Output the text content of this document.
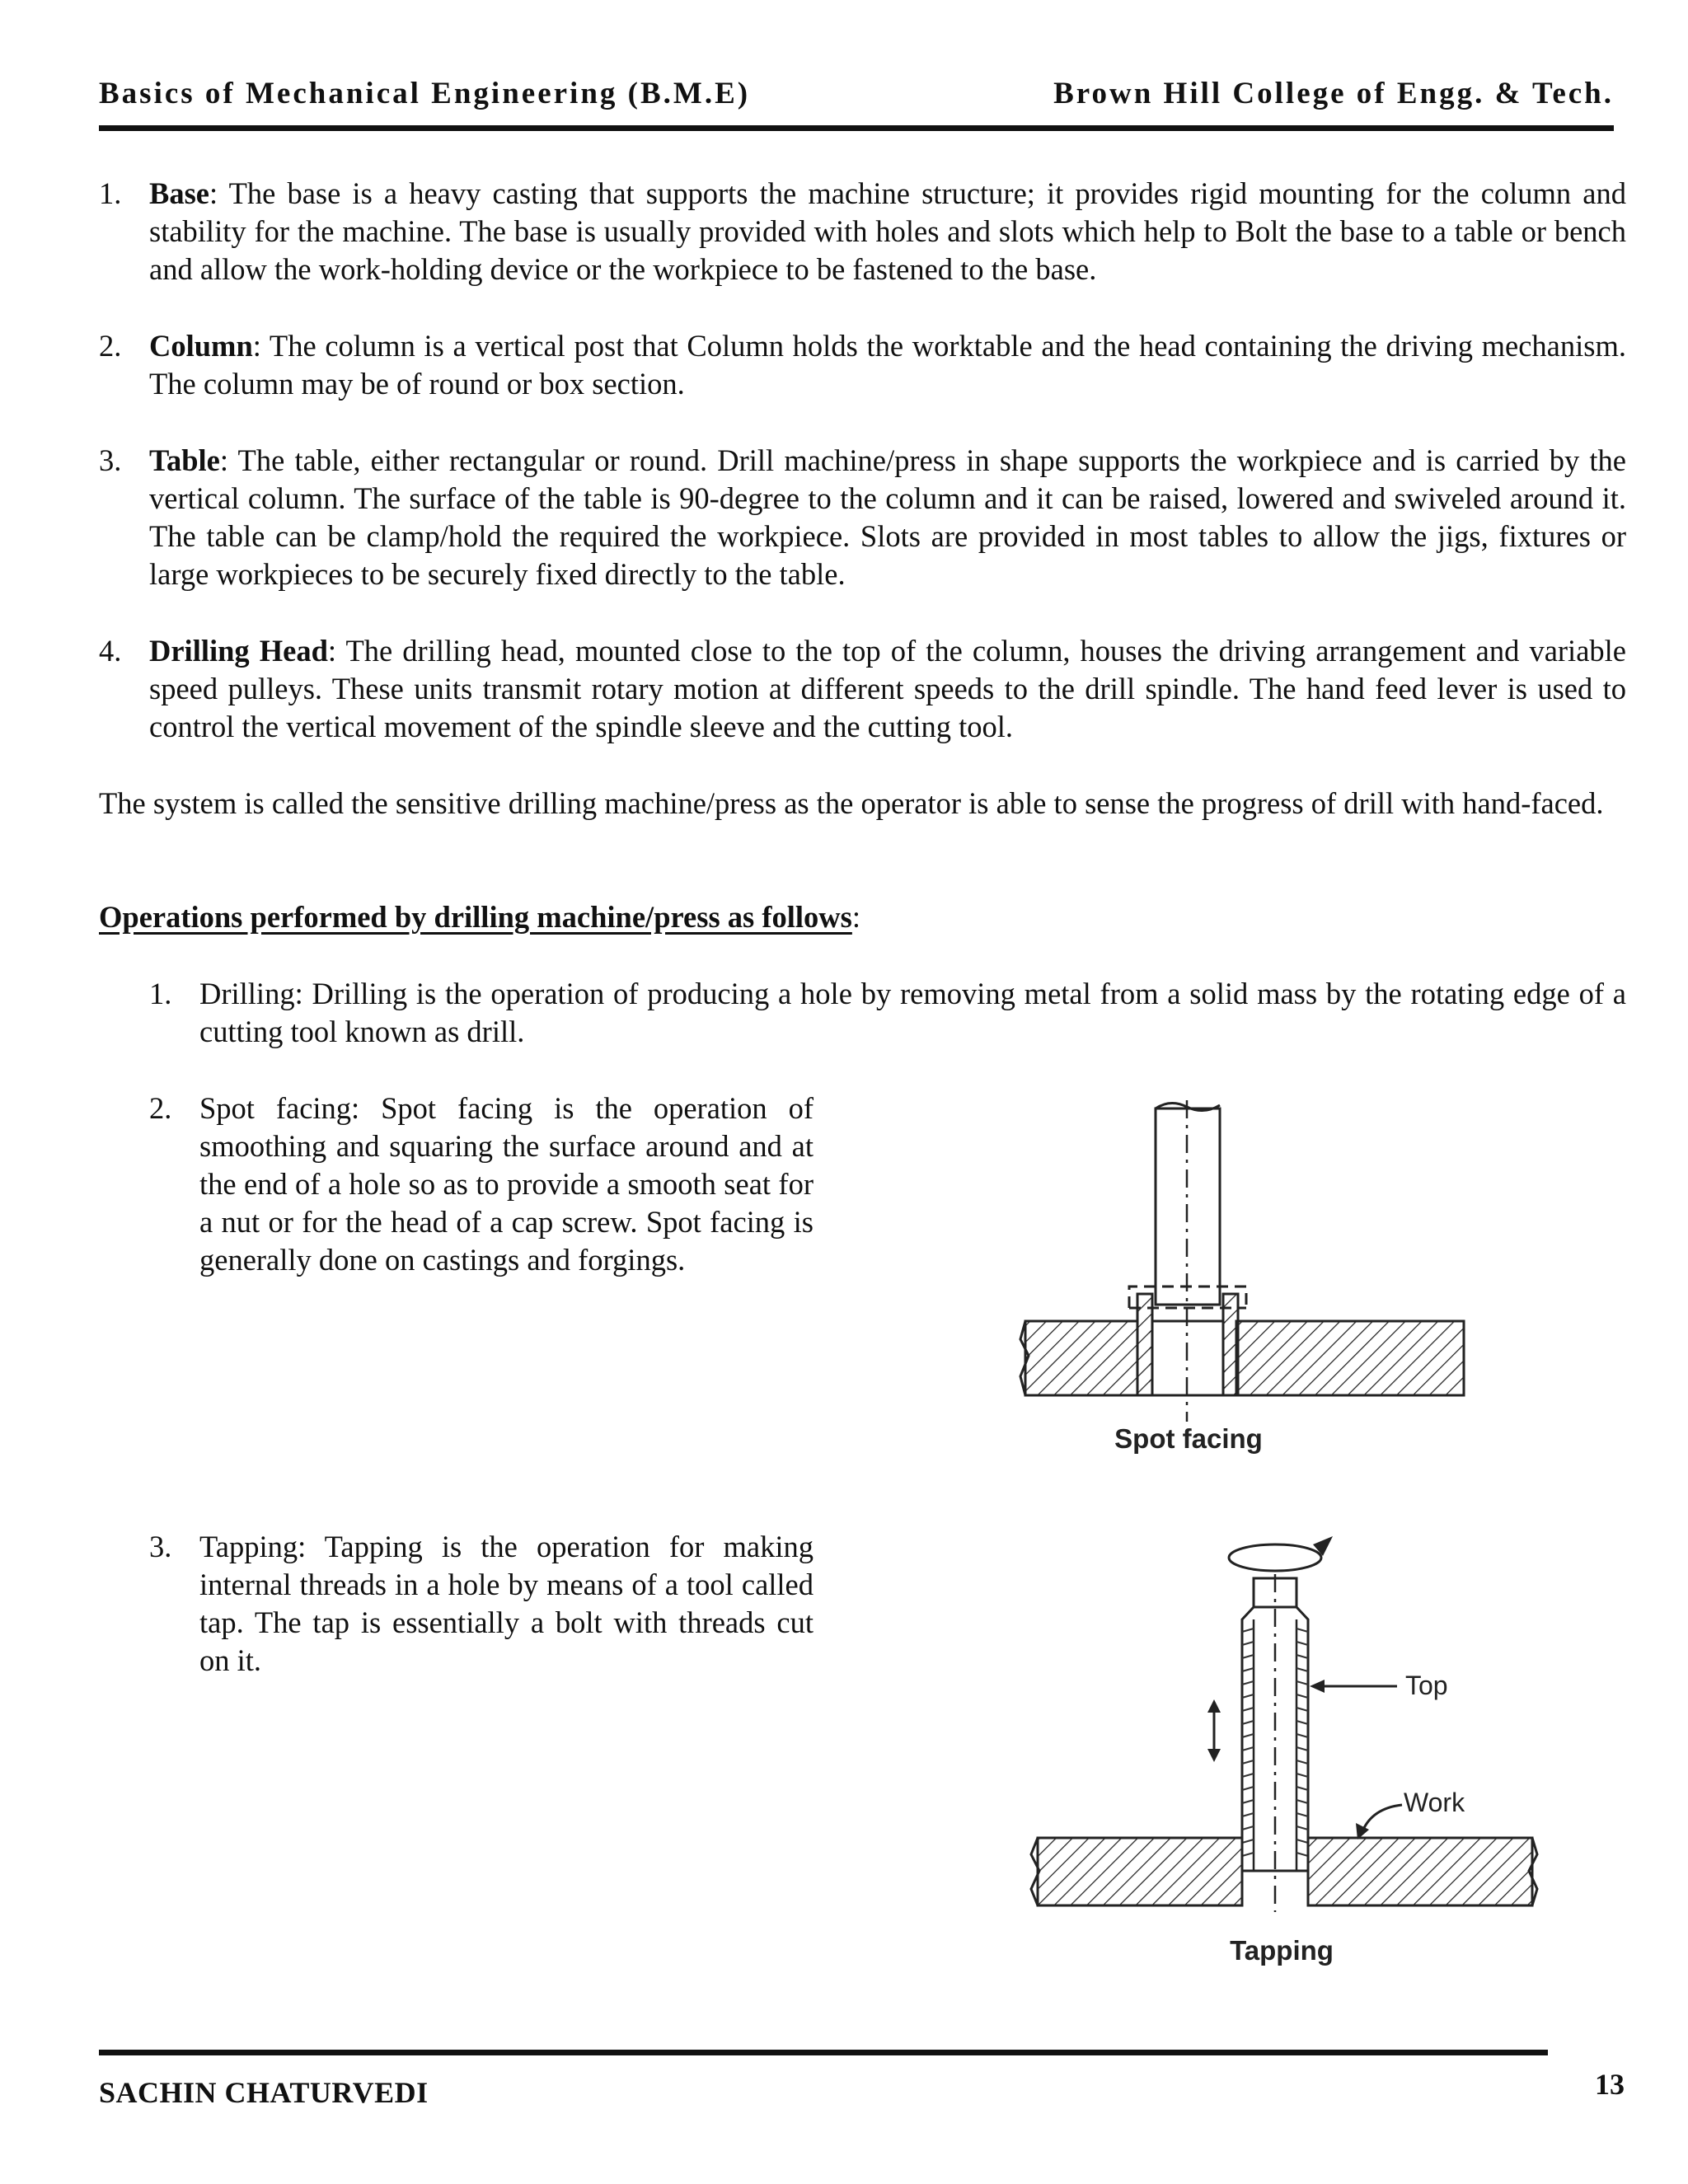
Basics of Mechanical Engineering (B.M.E)	Brown Hill College of Engg. & Tech.
1. Base: The base is a heavy casting that supports the machine structure; it provides rigid mounting for the column and stability for the machine. The base is usually provided with holes and slots which help to Bolt the base to a table or bench and allow the work-holding device or the workpiece to be fastened to the base.
2. Column: The column is a vertical post that Column holds the worktable and the head containing the driving mechanism. The column may be of round or box section.
3. Table: The table, either rectangular or round. Drill machine/press in shape supports the workpiece and is carried by the vertical column. The surface of the table is 90-degree to the column and it can be raised, lowered and swiveled around it. The table can be clamp/hold the required the workpiece. Slots are provided in most tables to allow the jigs, fixtures or large workpieces to be securely fixed directly to the table.
4. Drilling Head: The drilling head, mounted close to the top of the column, houses the driving arrangement and variable speed pulleys. These units transmit rotary motion at different speeds to the drill spindle. The hand feed lever is used to control the vertical movement of the spindle sleeve and the cutting tool.
The system is called the sensitive drilling machine/press as the operator is able to sense the progress of drill with hand-faced.
Operations performed by drilling machine/press as follows:
1. Drilling: Drilling is the operation of producing a hole by removing metal from a solid mass by the rotating edge of a cutting tool known as drill.
2. Spot facing: Spot facing is the operation of smoothing and squaring the surface around and at the end of a hole so as to provide a smooth seat for a nut or for the head of a cap screw. Spot facing is generally done on castings and forgings.
3. Tapping: Tapping is the operation for making internal threads in a hole by means of a tool called tap. The tap is essentially a bolt with threads cut on it.
Spot facing
Top
Work
Tapping
SACHIN CHATURVEDI	13
